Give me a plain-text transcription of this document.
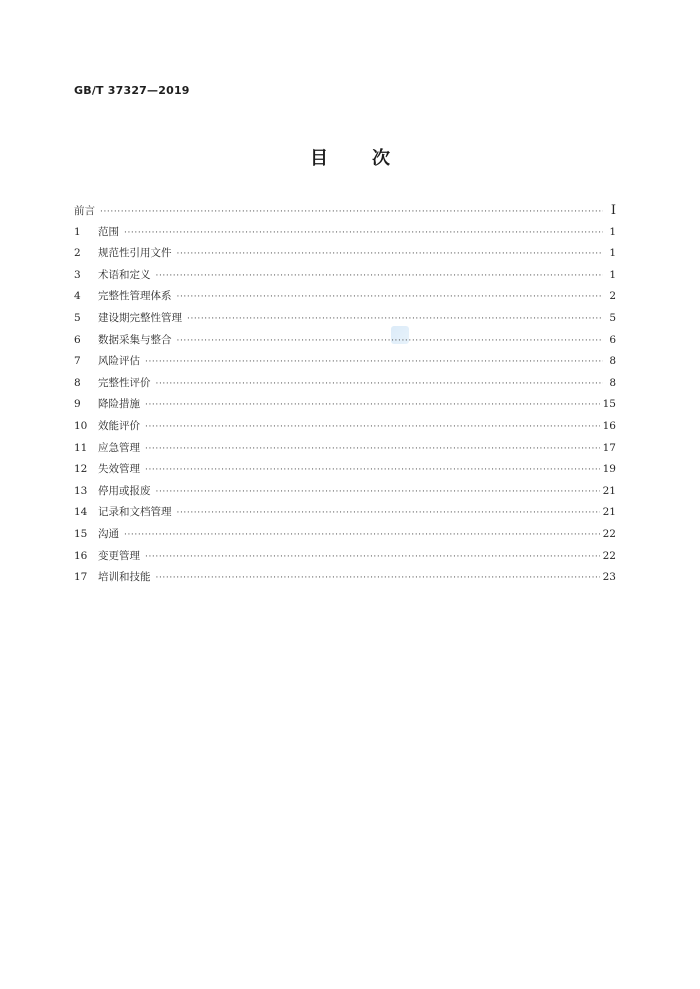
GB/T 37327—2019
目 次
前言 ·····	Ⅰ
1	范围 ·····	1
2	规范性引用文件 ·····	1
3	术语和定义 ·····	1
4	完整性管理体系 ·····	2
5	建设期完整性管理 ·····	5
6	数据采集与整合 ·····	6
7	风险评估 ·····	8
8	完整性评价 ·····	8
9	降险措施 ·····	15
10	效能评价 ·····	16
11	应急管理 ·····	17
12	失效管理 ·····	19
13	停用或报废 ·····	21
14	记录和文档管理 ·····	21
15	沟通 ·····	22
16	变更管理 ·····	22
17	培训和技能 ·····	23
